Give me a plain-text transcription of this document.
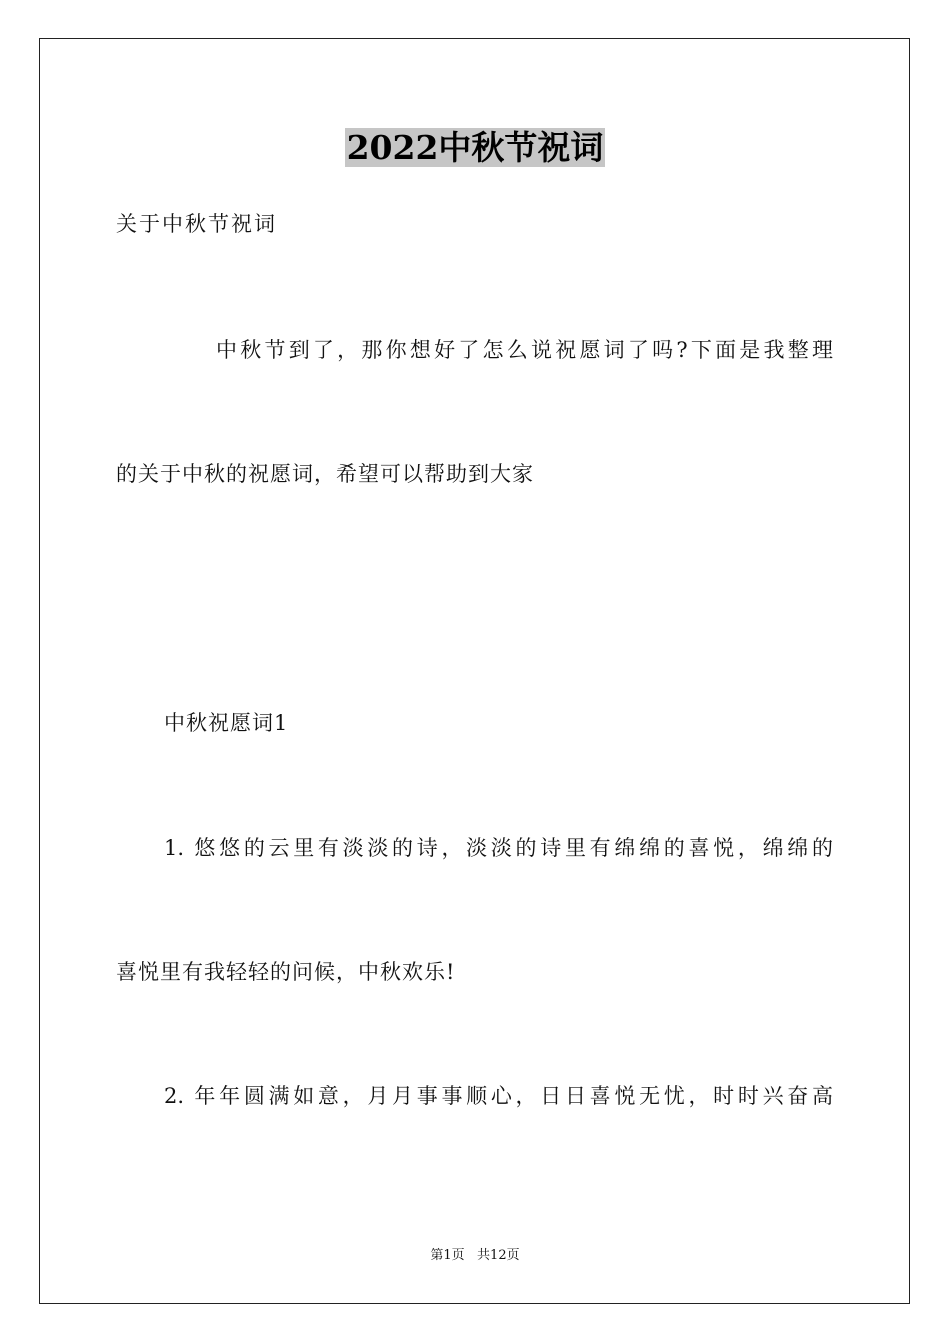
2022中秋节祝词
关于中秋节祝词
中秋节到了，那你想好了怎么说祝愿词了吗?下面是我整理
的关于中秋的祝愿词，希望可以帮助到大家
中秋祝愿词1
1. 悠悠的云里有淡淡的诗，淡淡的诗里有绵绵的喜悦，绵绵的
喜悦里有我轻轻的问候，中秋欢乐!
2. 年年圆满如意，月月事事顺心，日日喜悦无忧，时时兴奋高
第1页   共12页
